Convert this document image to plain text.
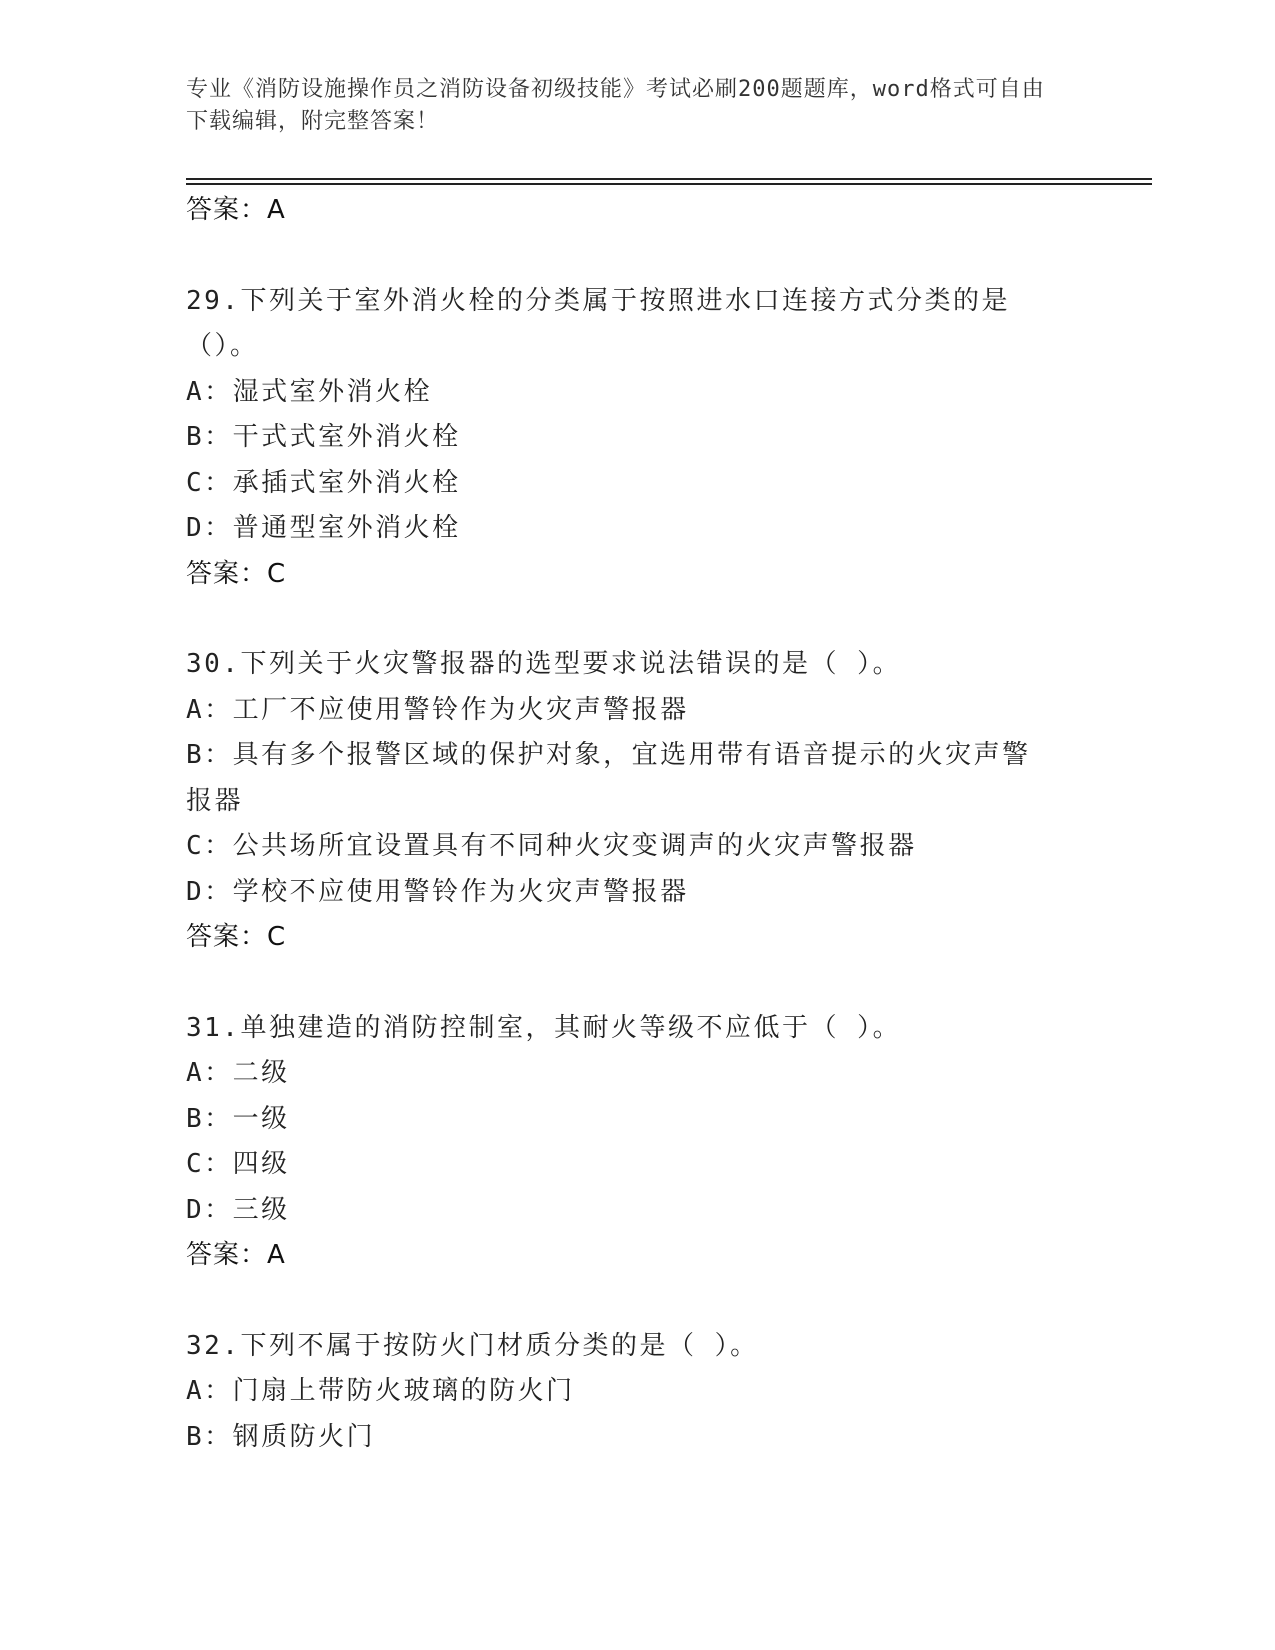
专业《消防设施操作员之消防设备初级技能》考试必刷200题题库，word格式可自由下载编辑，附完整答案！
答案：A
29.下列关于室外消火栓的分类属于按照进水口连接方式分类的是（）。
A：湿式室外消火栓
B：干式式室外消火栓
C：承插式室外消火栓
D：普通型室外消火栓
答案：C
30.下列关于火灾警报器的选型要求说法错误的是（ ）。
A：工厂不应使用警铃作为火灾声警报器
B：具有多个报警区域的保护对象，宜选用带有语音提示的火灾声警报器
C：公共场所宜设置具有不同种火灾变调声的火灾声警报器
D：学校不应使用警铃作为火灾声警报器
答案：C
31.单独建造的消防控制室，其耐火等级不应低于（ ）。
A：二级
B：一级
C：四级
D：三级
答案：A
32.下列不属于按防火门材质分类的是（ ）。
A：门扇上带防火玻璃的防火门
B：钢质防火门
